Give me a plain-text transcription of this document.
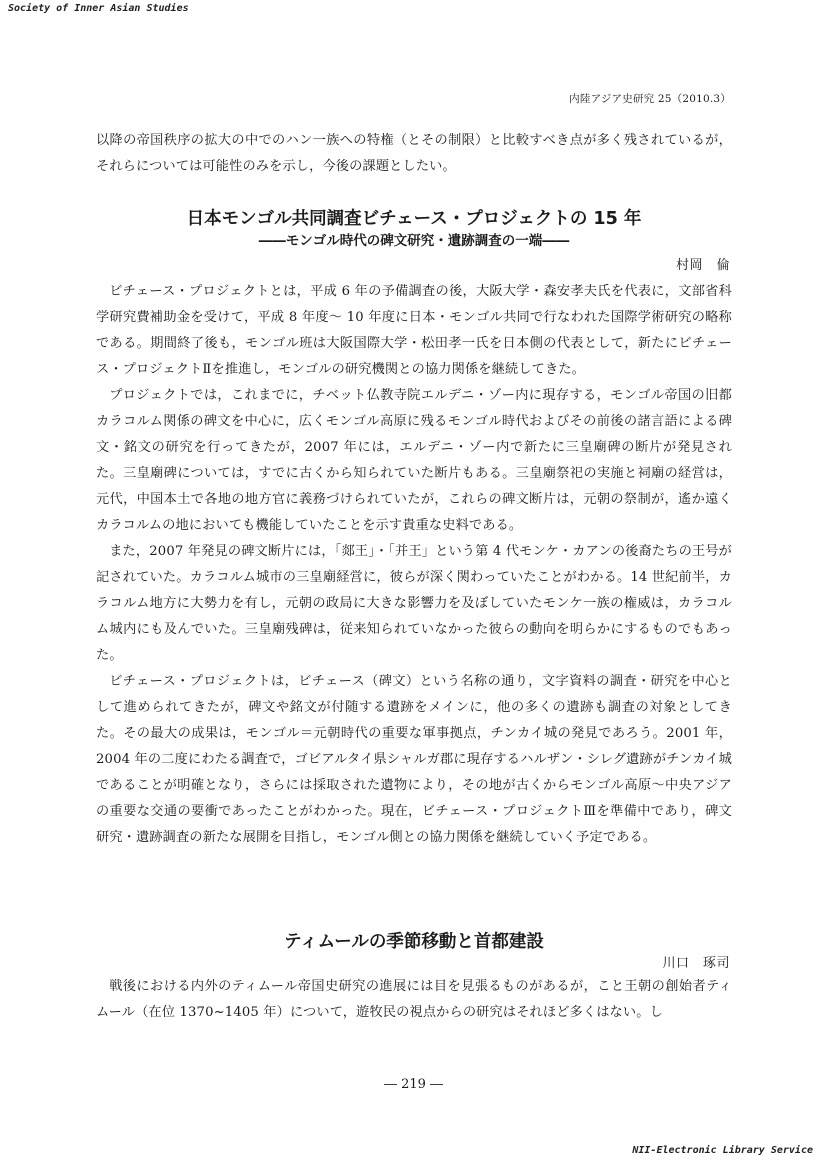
Society of Inner Asian Studies
内陸アジア史研究 25（2010.3）

以降の帝国秩序の拡大の中でのハン一族への特権（とその制限）と比較すべき点が多く残されているが，それらについては可能性のみを示し，今後の課題としたい。

日本モンゴル共同調査ビチェース・プロジェクトの 15 年
――モンゴル時代の碑文研究・遺跡調査の一端――

村岡　倫

ビチェース・プロジェクトとは，平成 6 年の予備調査の後，大阪大学・森安孝夫氏を代表に，文部省科学研究費補助金を受けて，平成 8 年度～ 10 年度に日本・モンゴル共同で行なわれた国際学術研究の略称である。期間終了後も，モンゴル班は大阪国際大学・松田孝一氏を日本側の代表として，新たにビチェース・プロジェクトⅡを推進し，モンゴルの研究機関との協力関係を継続してきた。

プロジェクトでは，これまでに，チベット仏教寺院エルデニ・ゾー内に現存する，モンゴル帝国の旧都カラコルム関係の碑文を中心に，広くモンゴル高原に残るモンゴル時代およびその前後の諸言語による碑文・銘文の研究を行ってきたが，2007 年には，エルデニ・ゾー内で新たに三皇廟碑の断片が発見された。三皇廟碑については，すでに古くから知られていた断片もある。三皇廟祭祀の実施と祠廟の経営は，元代，中国本土で各地の地方官に義務づけられていたが，これらの碑文断片は，元朝の祭制が，遙か遠くカラコルムの地においても機能していたことを示す貴重な史料である。

また，2007 年発見の碑文断片には，「郯王」・「并王」という第 4 代モンケ・カアンの後裔たちの王号が記されていた。カラコルム城市の三皇廟経営に，彼らが深く関わっていたことがわかる。14 世紀前半，カラコルム地方に大勢力を有し，元朝の政局に大きな影響力を及ぼしていたモンケ一族の権威は，カラコルム城内にも及んでいた。三皇廟残碑は，従来知られていなかった彼らの動向を明らかにするものでもあった。

ビチェース・プロジェクトは，ビチェース（碑文）という名称の通り，文字資料の調査・研究を中心として進められてきたが，碑文や銘文が付随する遺跡をメインに，他の多くの遺跡も調査の対象としてきた。その最大の成果は，モンゴル＝元朝時代の重要な軍事拠点，チンカイ城の発見であろう。2001 年，2004 年の二度にわたる調査で，ゴビアルタイ県シャルガ郡に現存するハルザン・シレグ遺跡がチンカイ城であることが明確となり，さらには採取された遺物により，その地が古くからモンゴル高原～中央アジアの重要な交通の要衝であったことがわかった。現在，ビチェース・プロジェクトⅢを準備中であり，碑文研究・遺跡調査の新たな展開を目指し，モンゴル側との協力関係を継続していく予定である。

ティムールの季節移動と首都建設

川口　琢司

戦後における内外のティムール帝国史研究の進展には目を見張るものがあるが，こと王朝の創始者ティムール（在位 1370~1405 年）について，遊牧民の視点からの研究はそれほど多くはない。し

― 219 ―
NII-Electronic Library Service
